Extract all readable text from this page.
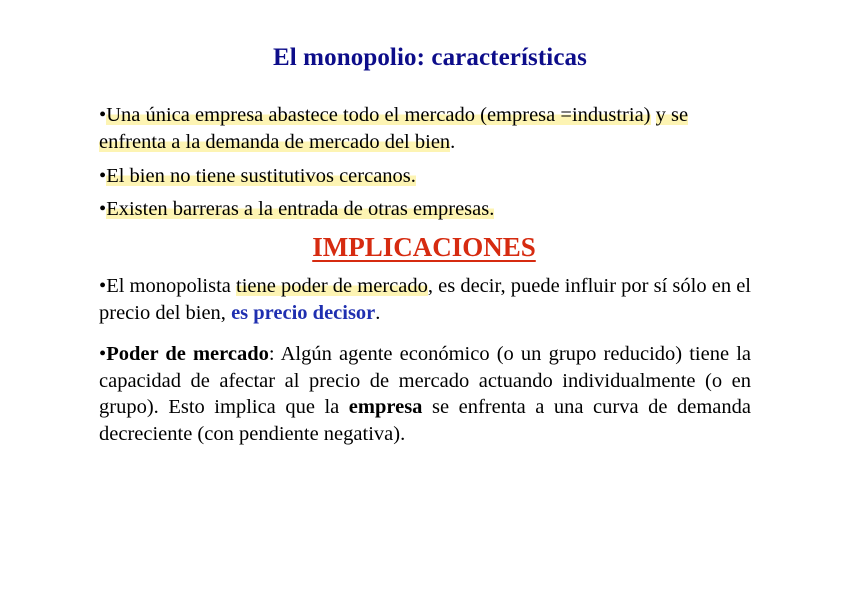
El monopolio: características
•Una única empresa abastece todo el mercado (empresa =industria) y se enfrenta a la demanda de mercado del bien.
•El bien no tiene sustitutivos cercanos.
•Existen barreras a la entrada de otras empresas.
IMPLICACIONES
•El monopolista tiene poder de mercado, es decir, puede influir por sí sólo en el precio del bien, es precio decisor.
•Poder de mercado: Algún agente económico (o un grupo reducido) tiene la capacidad de afectar al precio de mercado actuando individualmente (o en grupo). Esto implica que la empresa se enfrenta a una curva de demanda decreciente (con pendiente negativa).
